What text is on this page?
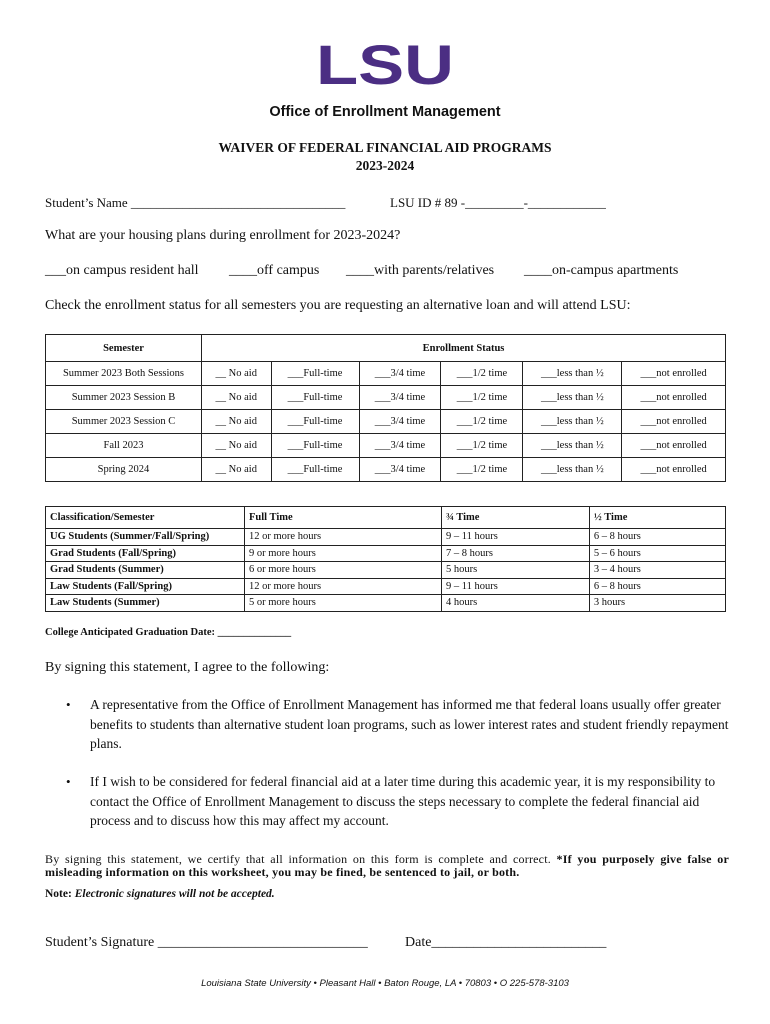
LSU
Office of Enrollment Management
WAIVER OF FEDERAL FINANCIAL AID PROGRAMS
2023-2024
Student’s Name _________________________________	LSU ID # 89 -_________-____________
What are your housing plans during enrollment for 2023-2024?
___on campus resident hall ____off campus ____with parents/relatives ____on-campus apartments
Check the enrollment status for all semesters you are requesting an alternative loan and will attend LSU:
Semester	Enrollment Status					
Summer 2023 Both Sessions	__ No aid	___Full-time	___3/4 time	___1/2 time	___less than ½	___not enrolled
Summer 2023 Session B	__ No aid	___Full-time	___3/4 time	___1/2 time	___less than ½	___not enrolled
Summer 2023 Session C	__ No aid	___Full-time	___3/4 time	___1/2 time	___less than ½	___not enrolled
Fall 2023	__ No aid	___Full-time	___3/4 time	___1/2 time	___less than ½	___not enrolled
Spring 2024	__ No aid	___Full-time	___3/4 time	___1/2 time	___less than ½	___not enrolled
Classification/Semester	Full Time	¾ Time	½ Time
UG Students (Summer/Fall/Spring)	12 or more hours	9 – 11 hours	6 – 8 hours
Grad Students (Fall/Spring)	9 or more hours	7 – 8 hours	5 – 6 hours
Grad Students (Summer)	6 or more hours	5 hours	3 – 4 hours
Law Students (Fall/Spring)	12 or more hours	9 – 11 hours	6 – 8 hours
Law Students (Summer)	5 or more hours	4 hours	3 hours
College Anticipated Graduation Date: ______________
By signing this statement, I agree to the following:
• A representative from the Office of Enrollment Management has informed me that federal loans usually offer greater benefits to students than alternative student loan programs, such as lower interest rates and student friendly repayment plans.
• If I wish to be considered for federal financial aid at a later time during this academic year, it is my responsibility to contact the Office of Enrollment Management to discuss the steps necessary to complete the federal financial aid process and to discuss how this may affect my account.
By signing this statement, we certify that all information on this form is complete and correct. *If you purposely give false or misleading information on this worksheet, you may be fined, be sentenced to jail, or both.
Note: Electronic signatures will not be accepted.
Student’s Signature ______________________________	Date_________________________
Louisiana State University • Pleasant Hall • Baton Rouge, LA • 70803 • O 225-578-3103
